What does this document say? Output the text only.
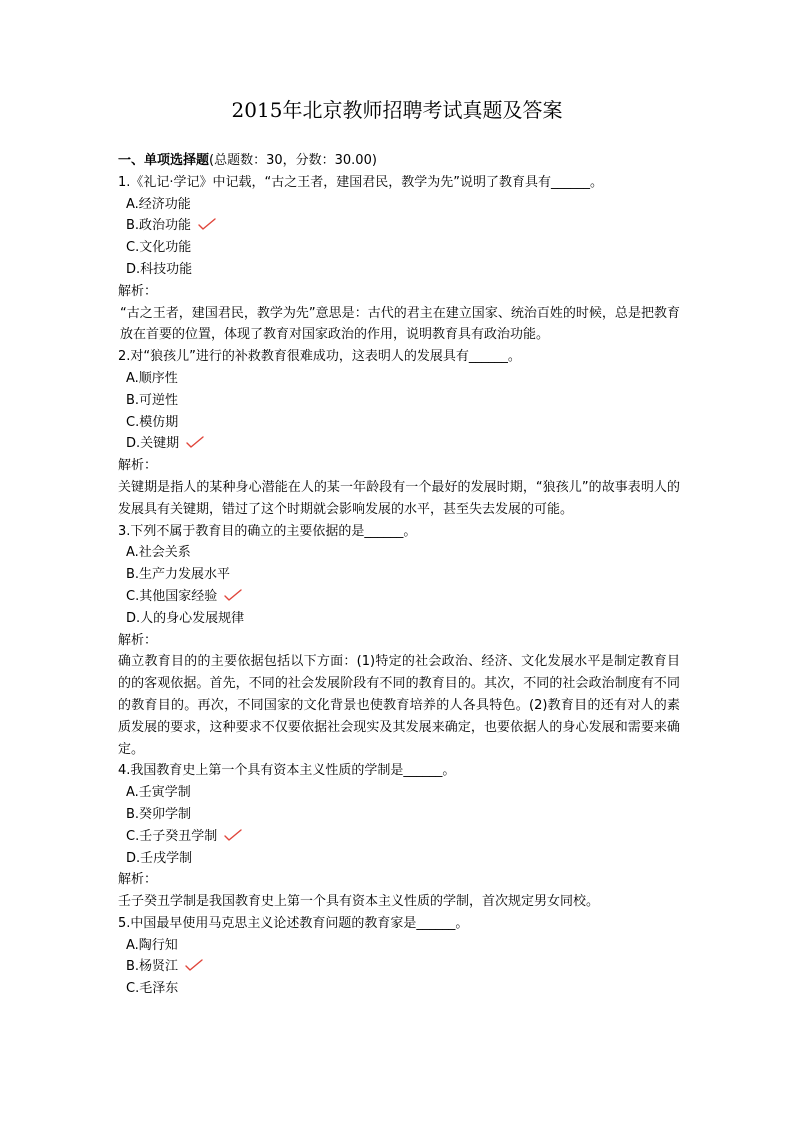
2015年北京教师招聘考试真题及答案
一、单项选择题(总题数：30，分数：30.00)
1.《礼记·学记》中记载，“古之王者，建国君民，教学为先”说明了教育具有______。
A.经济功能
B.政治功能
C.文化功能
D.科技功能
解析：
“古之王者，建国君民，教学为先”意思是：古代的君主在建立国家、统治百姓的时候，总是把教育放在首要的位置，体现了教育对国家政治的作用，说明教育具有政治功能。
2.对“狼孩儿”进行的补救教育很难成功，这表明人的发展具有______。
A.顺序性
B.可逆性
C.模仿期
D.关键期
解析：
关键期是指人的某种身心潜能在人的某一年龄段有一个最好的发展时期，“狼孩儿”的故事表明人的发展具有关键期，错过了这个时期就会影响发展的水平，甚至失去发展的可能。
3.下列不属于教育目的确立的主要依据的是______。
A.社会关系
B.生产力发展水平
C.其他国家经验
D.人的身心发展规律
解析：
确立教育目的的主要依据包括以下方面：(1)特定的社会政治、经济、文化发展水平是制定教育目的的客观依据。首先，不同的社会发展阶段有不同的教育目的。其次，不同的社会政治制度有不同的教育目的。再次，不同国家的文化背景也使教育培养的人各具特色。(2)教育目的还有对人的素质发展的要求，这种要求不仅要依据社会现实及其发展来确定，也要依据人的身心发展和需要来确定。
4.我国教育史上第一个具有资本主义性质的学制是______。
A.壬寅学制
B.癸卯学制
C.壬子癸丑学制
D.壬戌学制
解析：
壬子癸丑学制是我国教育史上第一个具有资本主义性质的学制，首次规定男女同校。
5.中国最早使用马克思主义论述教育问题的教育家是______。
A.陶行知
B.杨贤江
C.毛泽东
